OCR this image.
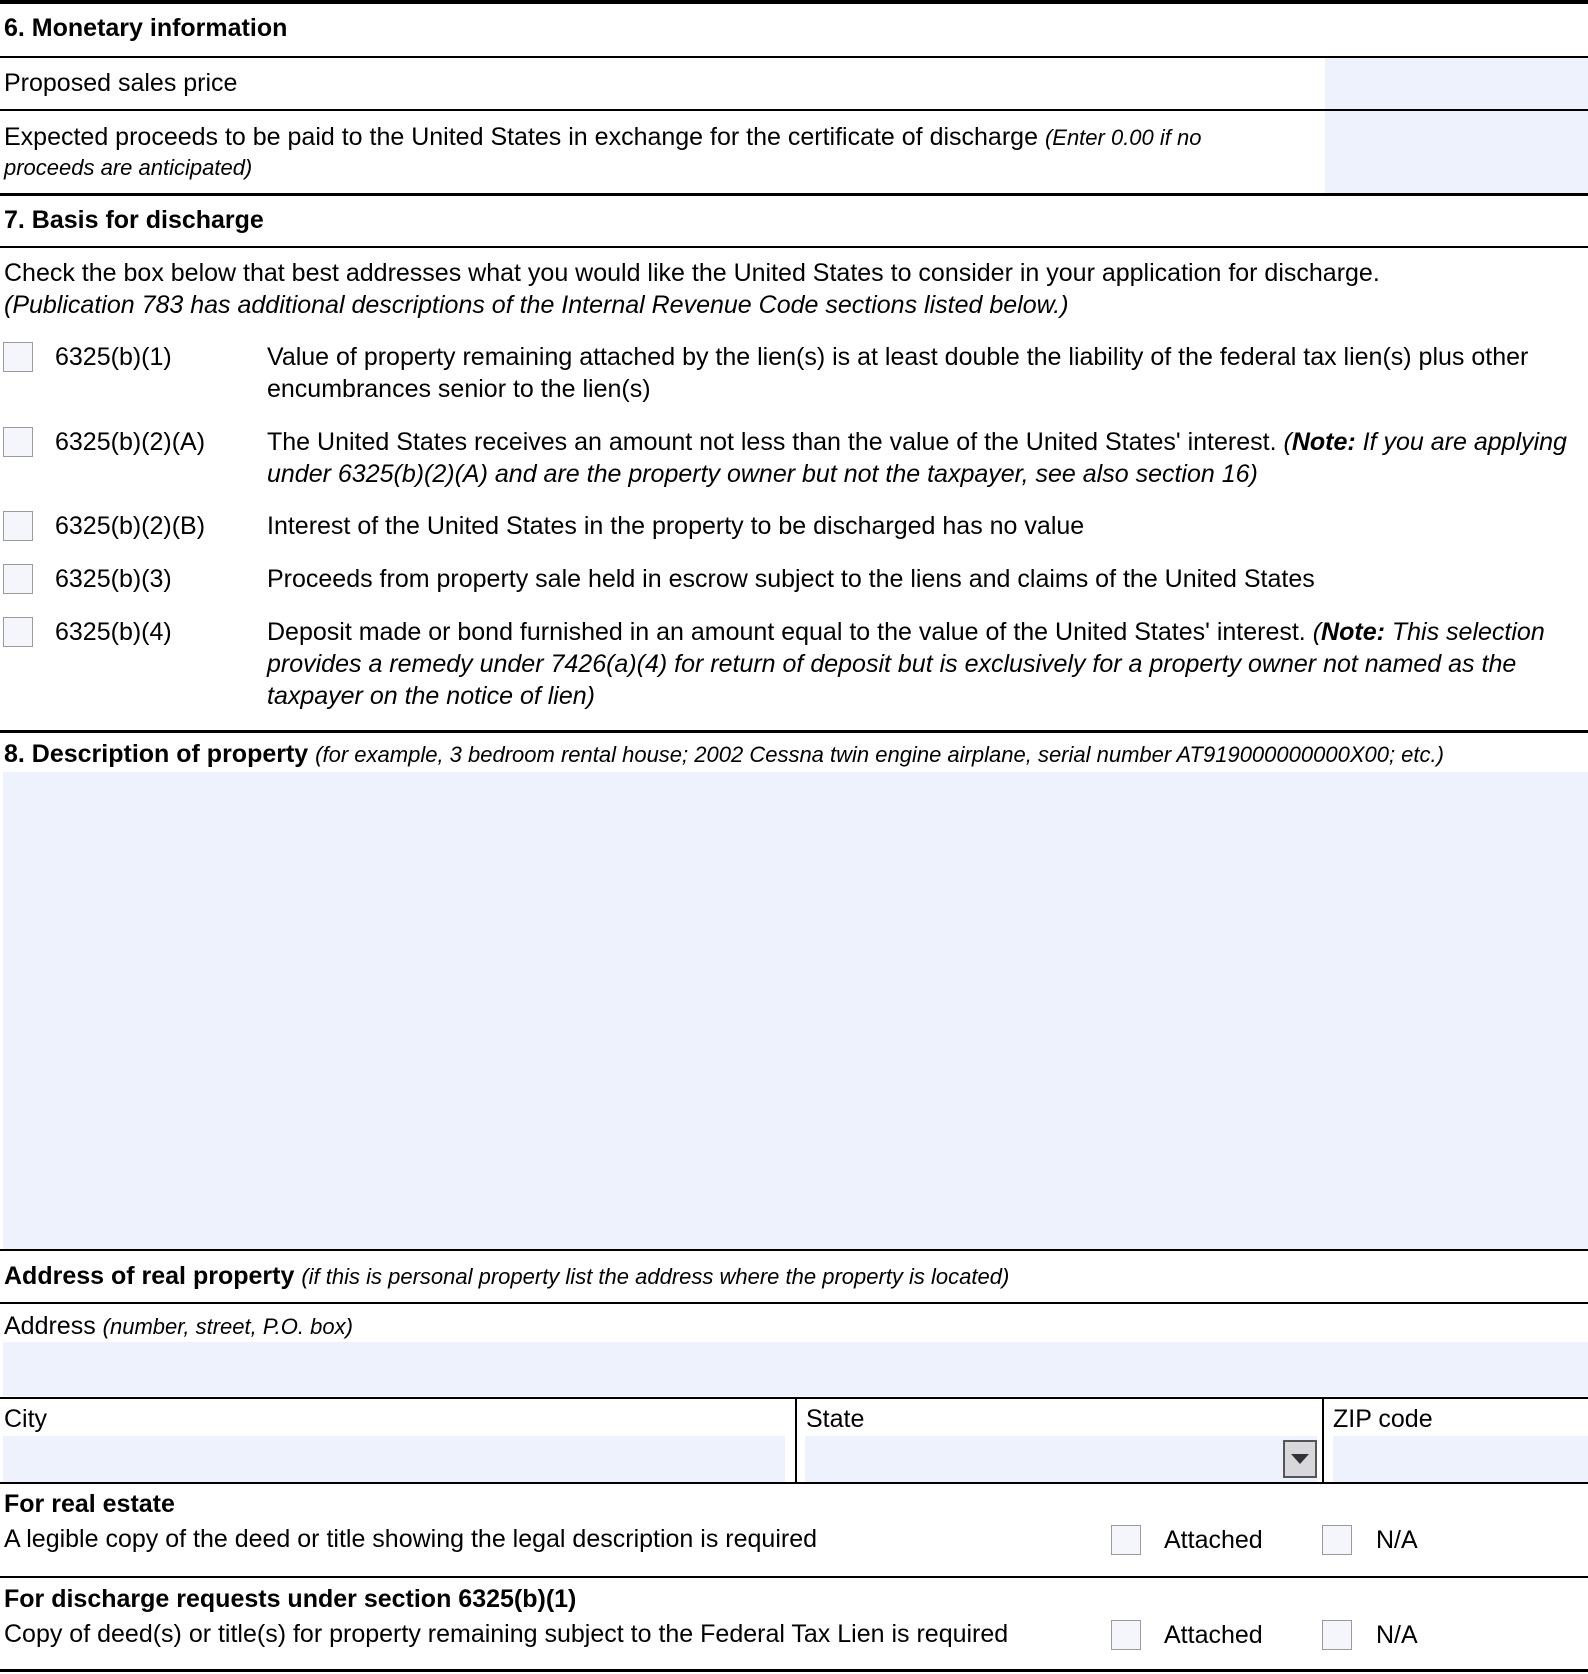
6. Monetary information
Proposed sales price
Expected proceeds to be paid to the United States in exchange for the certificate of discharge (Enter 0.00 if no
proceeds are anticipated)
7. Basis for discharge
Check the box below that best addresses what you would like the United States to consider in your application for discharge.
(Publication 783 has additional descriptions of the Internal Revenue Code sections listed below.)
6325(b)(1)	Value of property remaining attached by the lien(s) is at least double the liability of the federal tax lien(s) plus other encumbrances senior to the lien(s)
6325(b)(2)(A) The United States receives an amount not less than the value of the United States' interest. (Note: If you are applying under 6325(b)(2)(A) and are the property owner but not the taxpayer, see also section 16)
6325(b)(2)(B) Interest of the United States in the property to be discharged has no value
6325(b)(3)	Proceeds from property sale held in escrow subject to the liens and claims of the United States
6325(b)(4)	Deposit made or bond furnished in an amount equal to the value of the United States' interest. (Note: This selection provides a remedy under 7426(a)(4) for return of deposit but is exclusively for a property owner not named as the taxpayer on the notice of lien)
8. Description of property (for example, 3 bedroom rental house; 2002 Cessna twin engine airplane, serial number AT919000000000X00; etc.)
Address of real property (if this is personal property list the address where the property is located)
Address (number, street, P.O. box)
City	State	ZIP code
For real estate
A legible copy of the deed or title showing the legal description is required	Attached	N/A
For discharge requests under section 6325(b)(1)
Copy of deed(s) or title(s) for property remaining subject to the Federal Tax Lien is required	Attached	N/A
